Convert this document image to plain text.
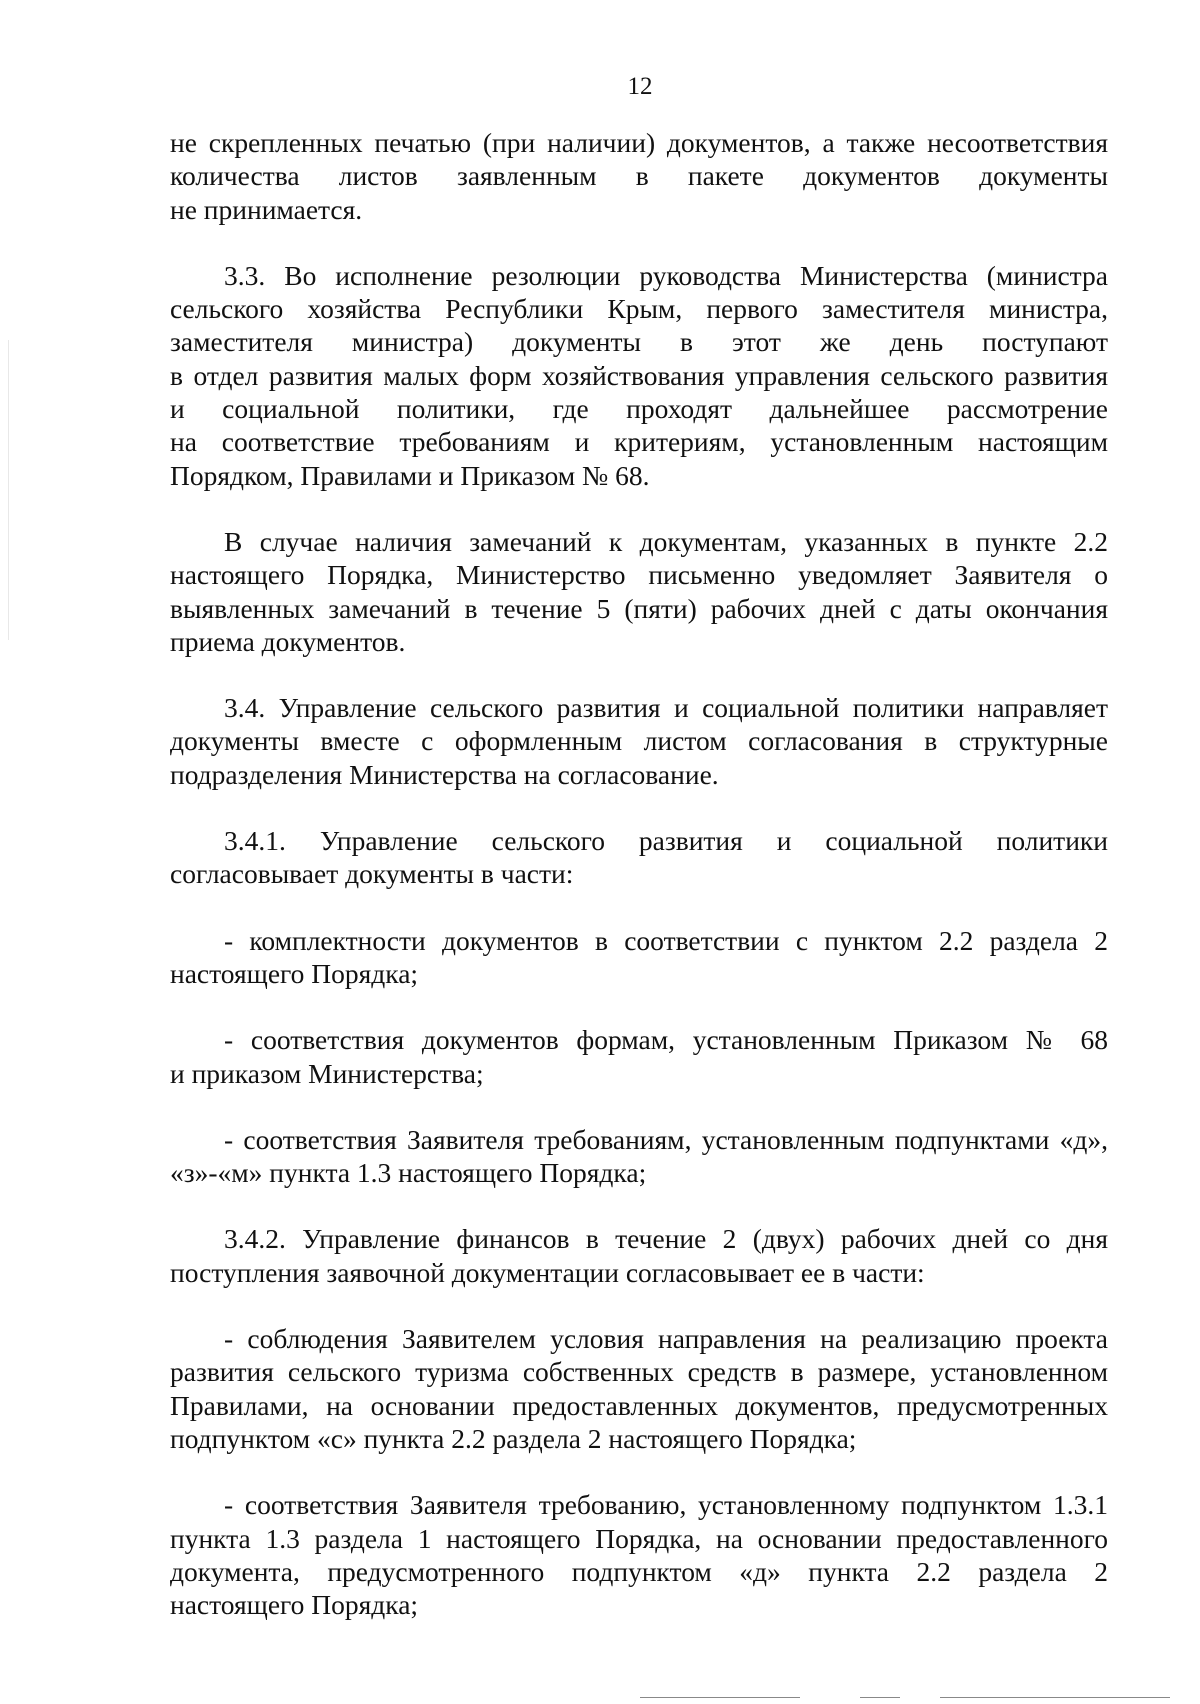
12
не скрепленных печатью (при наличии) документов, а также несоответствия
количества листов заявленным в пакете документов документы
не принимается.
3.3. Во исполнение резолюции руководства Министерства (министра
сельского хозяйства Республики Крым, первого заместителя министра,
заместителя министра) документы в этот же день поступают
в отдел развития малых форм хозяйствования управления сельского развития
и социальной политики, где проходят дальнейшее рассмотрение
на соответствие требованиям и критериям, установленным настоящим
Порядком, Правилами и Приказом № 68.
В случае наличия замечаний к документам, указанных в пункте 2.2
настоящего Порядка, Министерство письменно уведомляет Заявителя о
выявленных замечаний в течение 5 (пяти) рабочих дней с даты окончания
приема документов.
3.4. Управление сельского развития и социальной политики направляет
документы вместе с оформленным листом согласования в структурные
подразделения Министерства на согласование.
3.4.1. Управление сельского развития и социальной политики
согласовывает документы в части:
- комплектности документов в соответствии с пунктом 2.2 раздела 2
настоящего Порядка;
- соответствия документов формам, установленным Приказом № 68
и приказом Министерства;
- соответствия Заявителя требованиям, установленным подпунктами «д»,
«з»-«м» пункта 1.3 настоящего Порядка;
3.4.2. Управление финансов в течение 2 (двух) рабочих дней со дня
поступления заявочной документации согласовывает ее в части:
- соблюдения Заявителем условия направления на реализацию проекта
развития сельского туризма собственных средств в размере, установленном
Правилами, на основании предоставленных документов, предусмотренных
подпунктом «с» пункта 2.2 раздела 2 настоящего Порядка;
- соответствия Заявителя требованию, установленному подпунктом 1.3.1
пункта 1.3 раздела 1 настоящего Порядка, на основании предоставленного
документа, предусмотренного подпунктом «д» пункта 2.2 раздела 2
настоящего Порядка;
